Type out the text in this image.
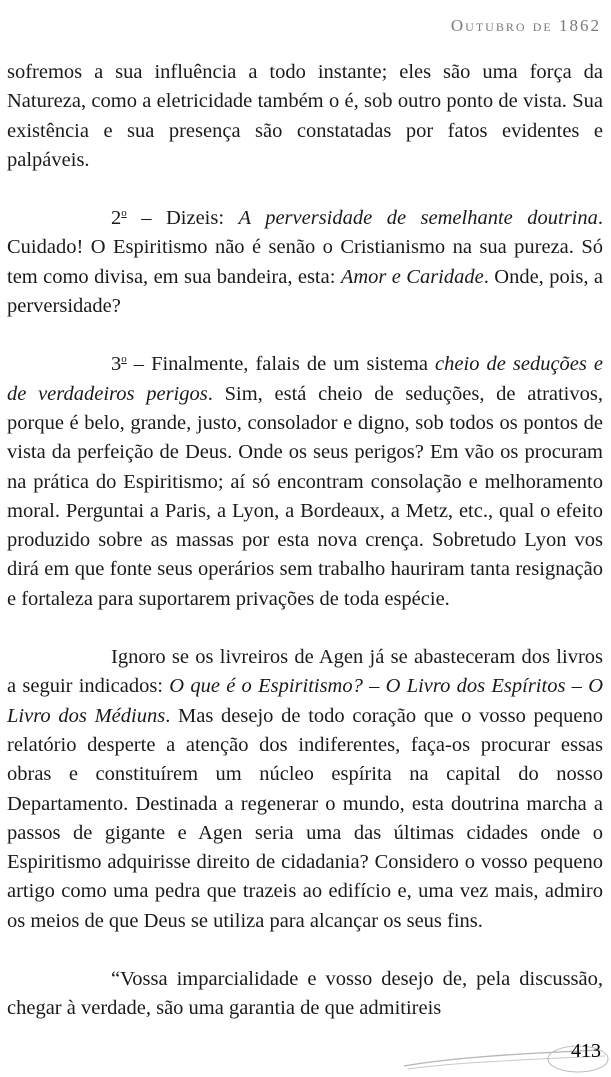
Outubro de 1862

sofremos a sua influência a todo instante; eles são uma força da Natureza, como a eletricidade também o é, sob outro ponto de vista. Sua existência e sua presença são constatadas por fatos evidentes e palpáveis.

2$^o$ – Dizeis: A perversidade de semelhante doutrina. Cuidado! O Espiritismo não é senão o Cristianismo na sua pureza. Só tem como divisa, em sua bandeira, esta: Amor e Caridade. Onde, pois, a perversidade?

3$^o$ – Finalmente, falais de um sistema cheio de seduções e de verdadeiros perigos. Sim, está cheio de seduções, de atrativos, porque é belo, grande, justo, consolador e digno, sob todos os pontos de vista da perfeição de Deus. Onde os seus perigos? Em vão os procuram na prática do Espiritismo; aí só encontram consolação e melhoramento moral. Perguntai a Paris, a Lyon, a Bordeaux, a Metz, etc., qual o efeito produzido sobre as massas por esta nova crença. Sobretudo Lyon vos dirá em que fonte seus operários sem trabalho hauriram tanta resignação e fortaleza para suportarem privações de toda espécie.

Ignoro se os livreiros de Agen já se abasteceram dos livros a seguir indicados: O que é o Espiritismo? – O Livro dos Espíritos – O Livro dos Médiuns. Mas desejo de todo coração que o vosso pequeno relatório desperte a atenção dos indiferentes, faça-os procurar essas obras e constituírem um núcleo espírita na capital do nosso Departamento. Destinada a regenerar o mundo, esta doutrina marcha a passos de gigante e Agen seria uma das últimas cidades onde o Espiritismo adquirisse direito de cidadania? Considero o vosso pequeno artigo como uma pedra que trazeis ao edifício e, uma vez mais, admiro os meios de que Deus se utiliza para alcançar os seus fins.

“Vossa imparcialidade e vosso desejo de, pela discussão, chegar à verdade, são uma garantia de que admitireis

413
